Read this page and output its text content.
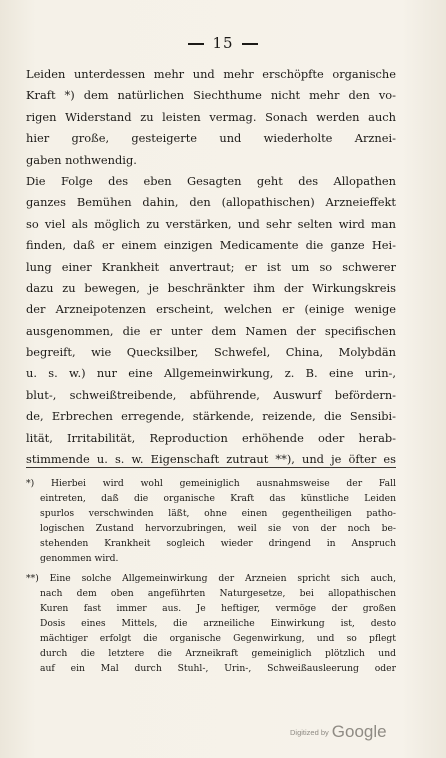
15
Leiden unterdessen mehr und mehr erschöpfte organische
Kraft *) dem natürlichen Siechthume nicht mehr den vo-
rigen Widerstand zu leisten vermag. Sonach werden auch
hier große, gesteigerte und wiederholte Arznei-
gaben nothwendig.
Die Folge des eben Gesagten geht des Allopathen
ganzes Bemühen dahin, den (allopathischen) Arzneieffekt
so viel als möglich zu verstärken, und sehr selten wird man
finden, daß er einem einzigen Medicamente die ganze Hei-
lung einer Krankheit anvertraut; er ist um so schwerer
dazu zu bewegen, je beschränkter ihm der Wirkungskreis
der Arzneipotenzen erscheint, welchen er (einige wenige
ausgenommen, die er unter dem Namen der specifischen
begreift, wie Quecksilber, Schwefel, China, Molybdän
u. s. w.) nur eine Allgemeinwirkung, z. B. eine urin-,
blut-, schweißtreibende, abführende, Auswurf befördern-
de, Erbrechen erregende, stärkende, reizende, die Sensibi-
lität, Irritabilität, Reproduction erhöhende oder herab-
stimmende u. s. w. Eigenschaft zutraut **), und je öfter es
*) Hierbei wird wohl gemeiniglich ausnahmsweise der Fall
eintreten, daß die organische Kraft das künstliche Leiden
spurlos verschwinden läßt, ohne einen gegentheiligen patho-
logischen Zustand hervorzubringen, weil sie von der noch be-
stehenden Krankheit sogleich wieder dringend in Anspruch
genommen wird.
**) Eine solche Allgemeinwirkung der Arzneien spricht sich auch,
nach dem oben angeführten Naturgesetze, bei allopathischen
Kuren fast immer aus. Je heftiger, vermöge der großen
Dosis eines Mittels, die arzneiliche Einwirkung ist, desto
mächtiger erfolgt die organische Gegenwirkung, und so pflegt
durch die letztere die Arzneikraft gemeiniglich plötzlich und
auf ein Mal durch Stuhl-, Urin-, Schweißausleerung oder
Digitized by Google
